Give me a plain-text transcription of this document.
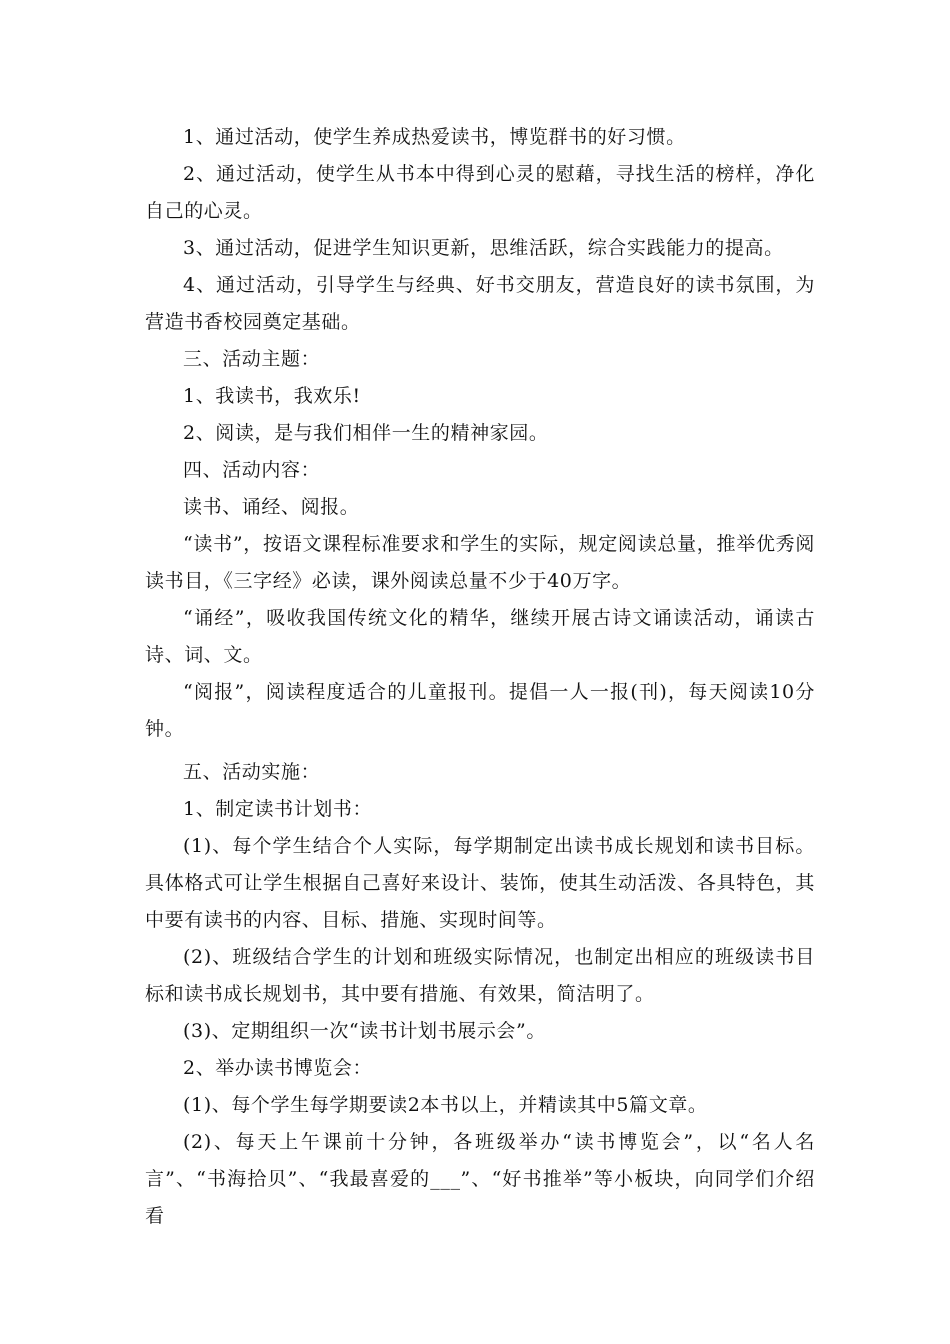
1、通过活动，使学生养成热爱读书，博览群书的好习惯。

2、通过活动，使学生从书本中得到心灵的慰藉，寻找生活的榜样，净化自己的心灵。

3、通过活动，促进学生知识更新，思维活跃，综合实践能力的提高。

4、通过活动，引导学生与经典、好书交朋友，营造良好的读书氛围，为营造书香校园奠定基础。

三、活动主题：

1、我读书，我欢乐!

2、阅读，是与我们相伴一生的精神家园。

四、活动内容：

读书、诵经、阅报。

“读书”，按语文课程标准要求和学生的实际，规定阅读总量，推举优秀阅读书目，《三字经》必读，课外阅读总量不少于40万字。

“诵经”，吸收我国传统文化的精华，继续开展古诗文诵读活动，诵读古诗、词、文。

“阅报”，阅读程度适合的儿童报刊。提倡一人一报(刊)，每天阅读10分钟。

五、活动实施：

1、制定读书计划书：

(1)、每个学生结合个人实际，每学期制定出读书成长规划和读书目标。具体格式可让学生根据自己喜好来设计、装饰，使其生动活泼、各具特色，其中要有读书的内容、目标、措施、实现时间等。

(2)、班级结合学生的计划和班级实际情况，也制定出相应的班级读书目标和读书成长规划书，其中要有措施、有效果，简洁明了。

(3)、定期组织一次“读书计划书展示会”。

2、举办读书博览会：

(1)、每个学生每学期要读2本书以上，并精读其中5篇文章。

(2)、每天上午课前十分钟，各班级举办“读书博览会”，以“名人名言”、“书海拾贝”、“我最喜爱的___”、“好书推举”等小板块，向同学们介绍看
